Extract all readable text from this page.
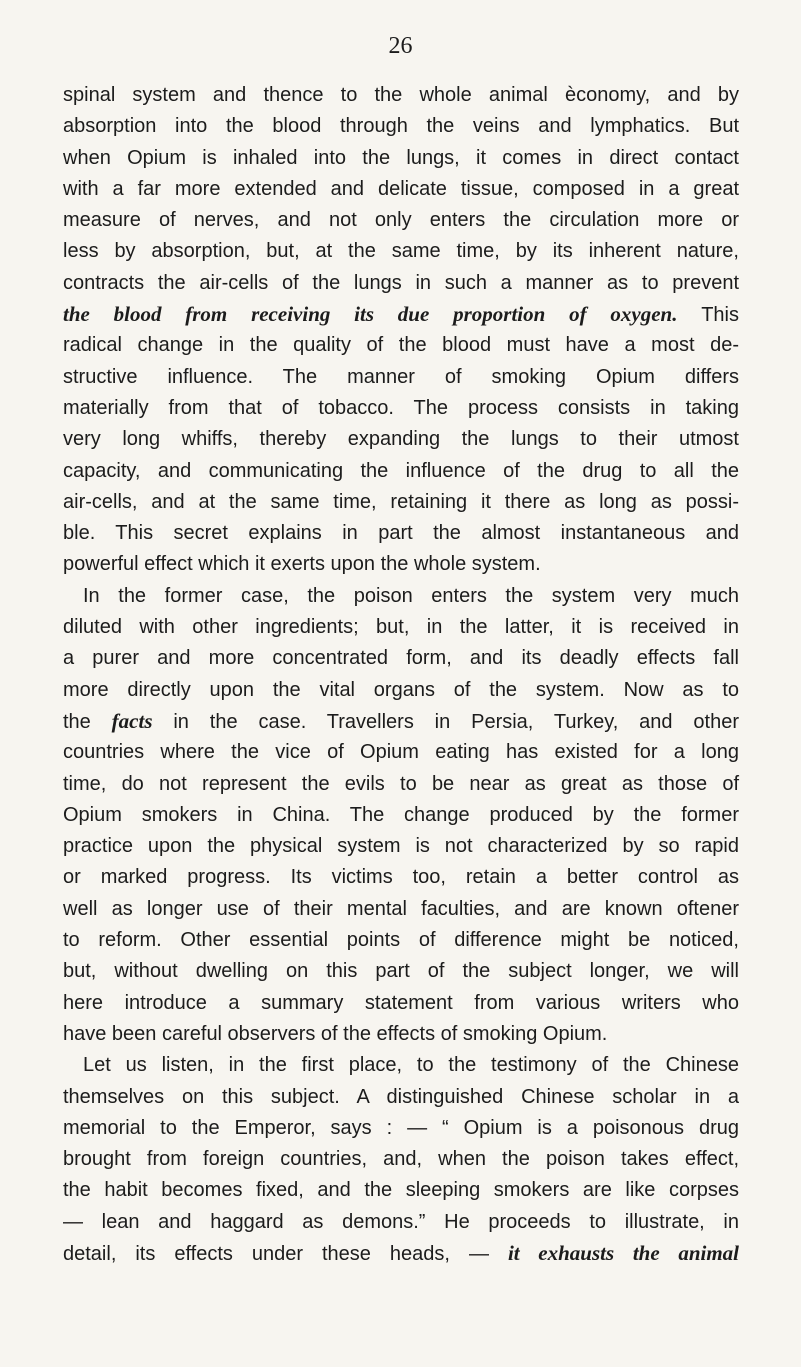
26
spinal system and thence to the whole animal èconomy, and by
absorption into the blood through the veins and lymphatics. But
when Opium is inhaled into the lungs, it comes in direct contact
with a far more extended and delicate tissue, composed in a great
measure of nerves, and not only enters the circulation more or
less by absorption, but, at the same time, by its inherent nature,
contracts the air-cells of the lungs in such a manner as to prevent
the blood from receiving its due proportion of oxygen. This
radical change in the quality of the blood must have a most de-
structive influence. The manner of smoking Opium differs
materially from that of tobacco. The process consists in taking
very long whiffs, thereby expanding the lungs to their utmost
capacity, and communicating the influence of the drug to all the
air-cells, and at the same time, retaining it there as long as possi-
ble. This secret explains in part the almost instantaneous and
powerful effect which it exerts upon the whole system.
In the former case, the poison enters the system very much
diluted with other ingredients; but, in the latter, it is received in
a purer and more concentrated form, and its deadly effects fall
more directly upon the vital organs of the system. Now as to
the facts in the case. Travellers in Persia, Turkey, and other
countries where the vice of Opium eating has existed for a long
time, do not represent the evils to be near as great as those of
Opium smokers in China. The change produced by the former
practice upon the physical system is not characterized by so rapid
or marked progress. Its victims too, retain a better control as
well as longer use of their mental faculties, and are known oftener
to reform. Other essential points of difference might be noticed,
but, without dwelling on this part of the subject longer, we will
here introduce a summary statement from various writers who
have been careful observers of the effects of smoking Opium.
Let us listen, in the first place, to the testimony of the Chinese
themselves on this subject. A distinguished Chinese scholar in a
memorial to the Emperor, says : — “ Opium is a poisonous drug
brought from foreign countries, and, when the poison takes effect,
the habit becomes fixed, and the sleeping smokers are like corpses
— lean and haggard as demons.” He proceeds to illustrate, in
detail, its effects under these heads, — it exhausts the animal
